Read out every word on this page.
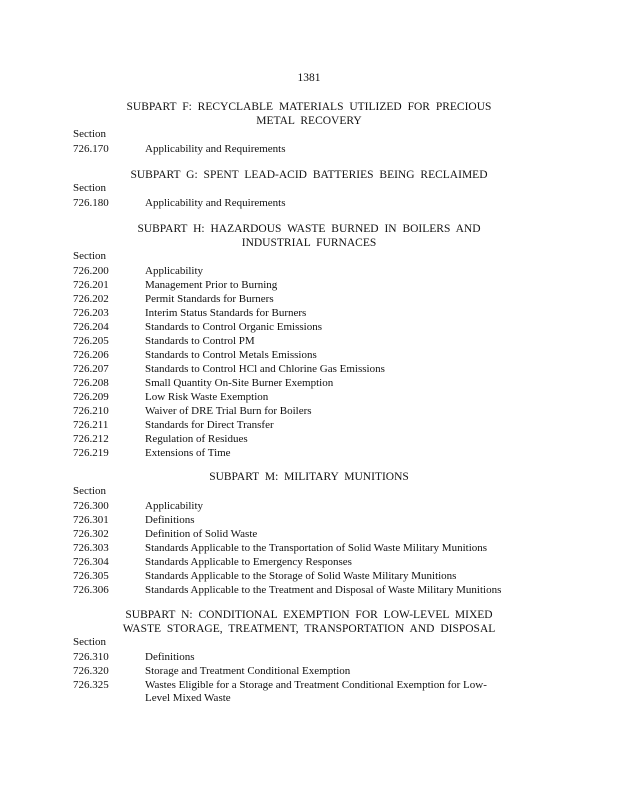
1381
SUBPART F: RECYCLABLE MATERIALS UTILIZED FOR PRECIOUS
METAL RECOVERY
Section
726.170	Applicability and Requirements
SUBPART G: SPENT LEAD-ACID BATTERIES BEING RECLAIMED
Section
726.180	Applicability and Requirements
SUBPART H: HAZARDOUS WASTE BURNED IN BOILERS AND
INDUSTRIAL FURNACES
Section
726.200	Applicability
726.201	Management Prior to Burning
726.202	Permit Standards for Burners
726.203	Interim Status Standards for Burners
726.204	Standards to Control Organic Emissions
726.205	Standards to Control PM
726.206	Standards to Control Metals Emissions
726.207	Standards to Control HCl and Chlorine Gas Emissions
726.208	Small Quantity On-Site Burner Exemption
726.209	Low Risk Waste Exemption
726.210	Waiver of DRE Trial Burn for Boilers
726.211	Standards for Direct Transfer
726.212	Regulation of Residues
726.219	Extensions of Time
SUBPART M: MILITARY MUNITIONS
Section
726.300	Applicability
726.301	Definitions
726.302	Definition of Solid Waste
726.303	Standards Applicable to the Transportation of Solid Waste Military Munitions
726.304	Standards Applicable to Emergency Responses
726.305	Standards Applicable to the Storage of Solid Waste Military Munitions
726.306	Standards Applicable to the Treatment and Disposal of Waste Military Munitions
SUBPART N: CONDITIONAL EXEMPTION FOR LOW-LEVEL MIXED
WASTE STORAGE, TREATMENT, TRANSPORTATION AND DISPOSAL
Section
726.310	Definitions
726.320	Storage and Treatment Conditional Exemption
726.325	Wastes Eligible for a Storage and Treatment Conditional Exemption for Low-
Level Mixed Waste
